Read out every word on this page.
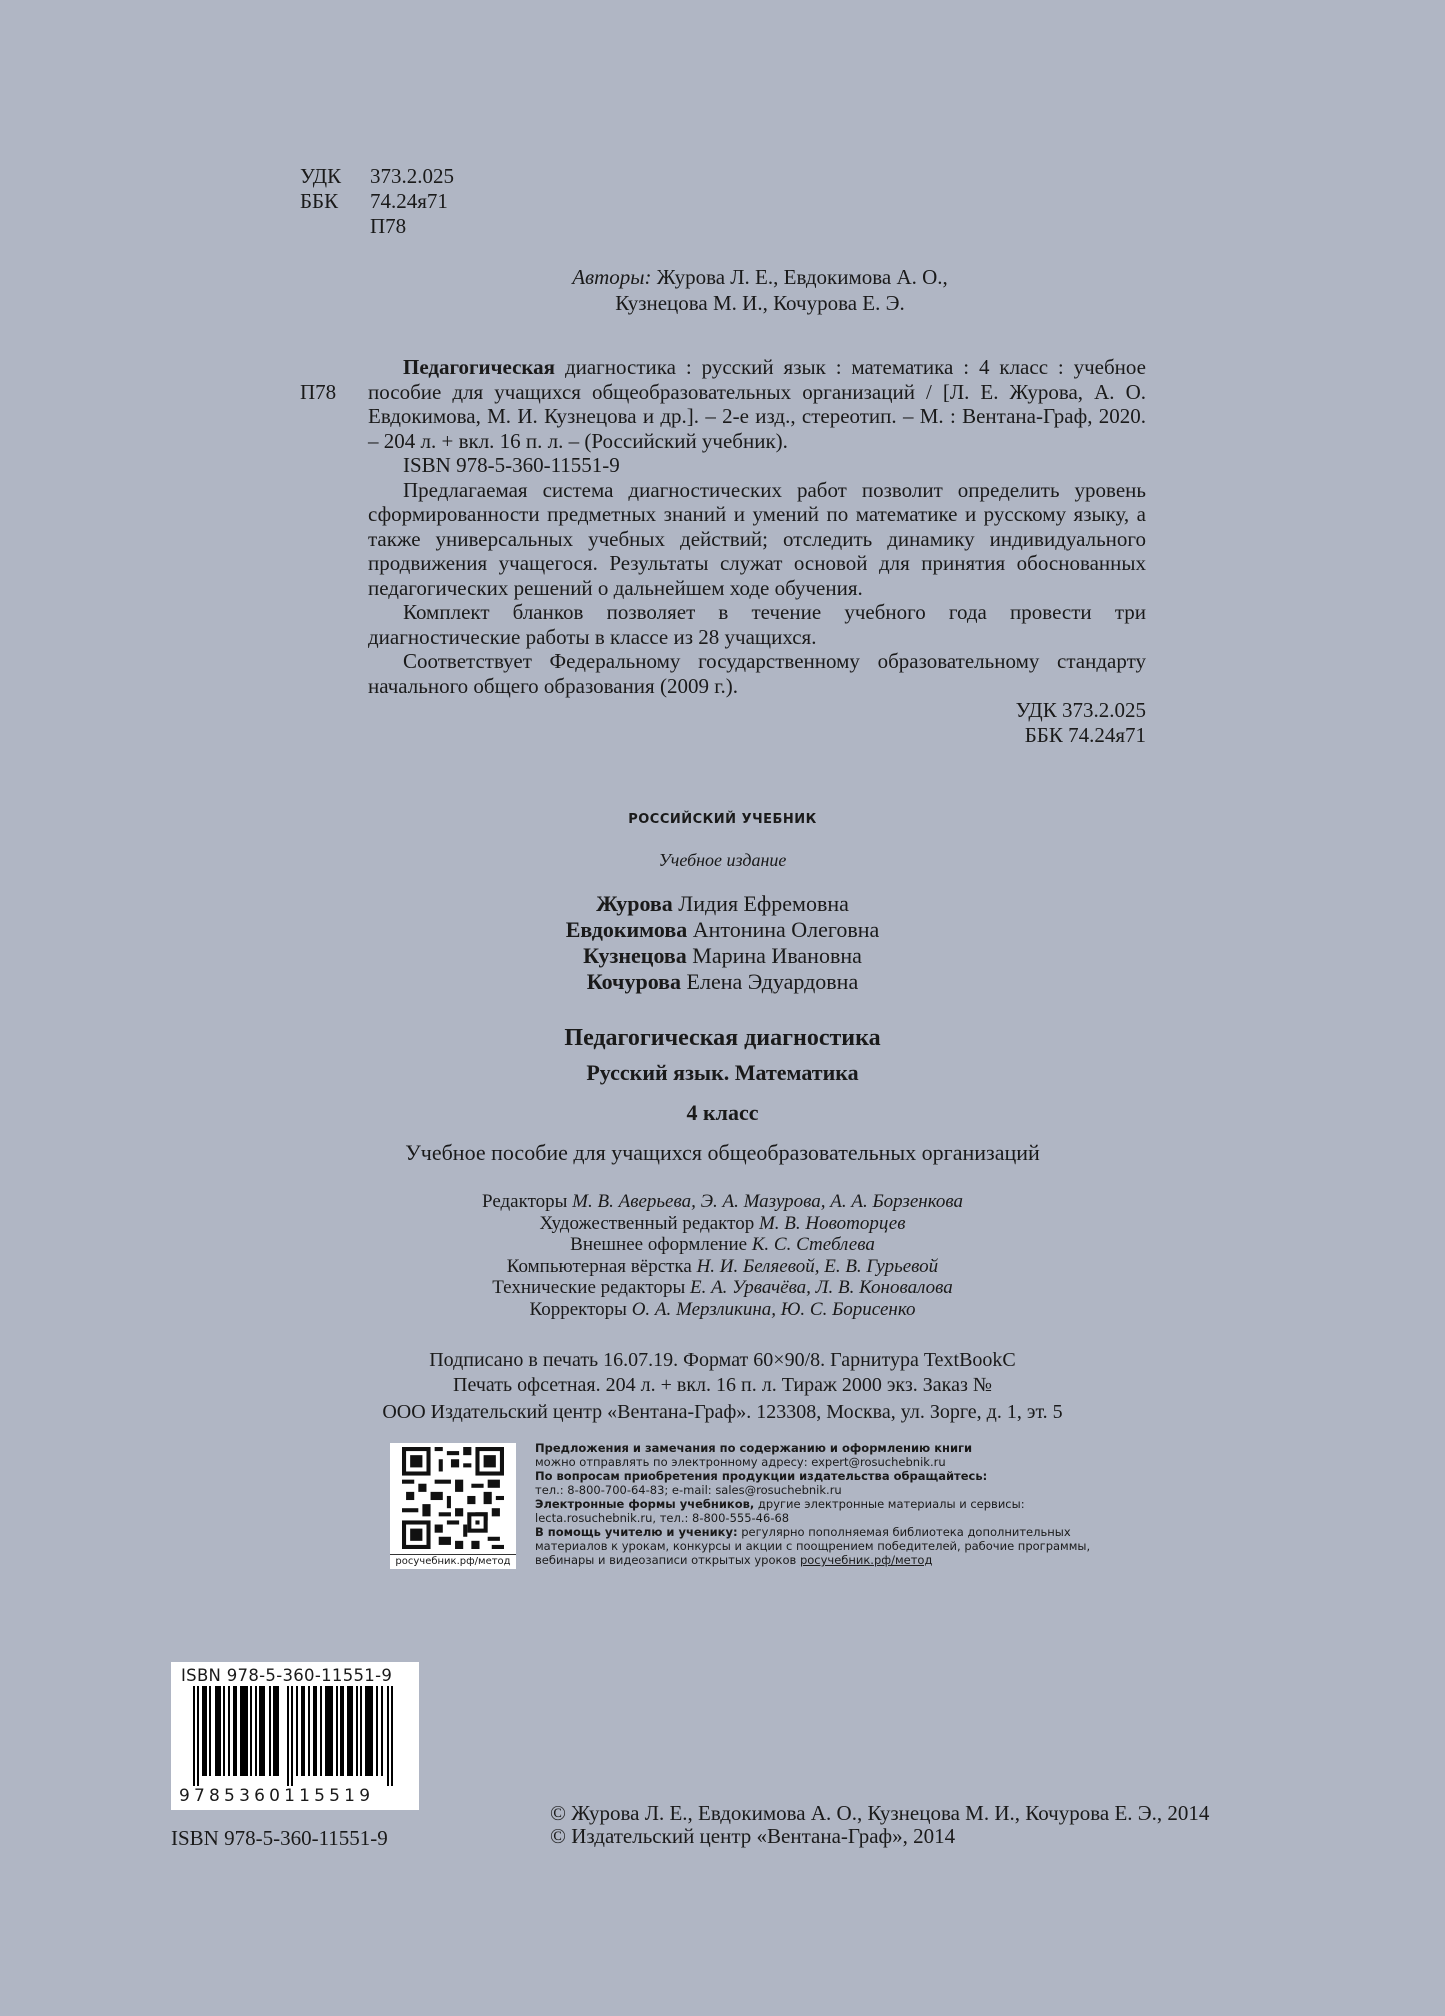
УДК	373.2.025
ББК	74.24я71
П78
Авторы: Журова Л. Е., Евдокимова А. О.,
Кузнецова М. И., Кочурова Е. Э.
П78

Педагогическая диагностика : русский язык : математика : 4 класс : учебное пособие для учащихся общеобразовательных организаций / [Л. Е. Журова, А. О. Евдокимова, М. И. Кузнецова и др.]. – 2-е изд., стереотип. – М. : Вентана-Граф, 2020. – 204 л. + вкл. 16 п. л. – (Российский учебник).

ISBN 978-5-360-11551-9

Предлагаемая система диагностических работ позволит определить уровень сформированности предметных знаний и умений по математике и русскому языку, а также универсальных учебных действий; отследить динамику индивидуального продвижения учащегося. Результаты служат основой для принятия обоснованных педагогических решений о дальнейшем ходе обучения.

Комплект бланков позволяет в течение учебного года провести три диагностические работы в классе из 28 учащихся.

Соответствует Федеральному государственному образовательному стандарту начального общего образования (2009 г.).

УДК 373.2.025

ББК 74.24я71

РОССИЙСКИЙ УЧЕБНИК
Учебное издание
Журова Лидия Ефремовна
Евдокимова Антонина Олеговна
Кузнецова Марина Ивановна
Кочурова Елена Эдуардовна
Педагогическая диагностика
Русский язык. Математика
4 класс
Учебное пособие для учащихся общеобразовательных организаций
Редакторы М. В. Аверьева, Э. А. Мазурова, А. А. Борзенкова
Художественный редактор М. В. Новоторцев
Внешнее оформление К. С. Стеблева
Компьютерная вёрстка Н. И. Беляевой, Е. В. Гурьевой
Технические редакторы Е. А. Урвачёва, Л. В. Коновалова
Корректоры О. А. Мерзликина, Ю. С. Борисенко
Подписано в печать 16.07.19. Формат 60×90/8. Гарнитура TextBookC
Печать офсетная. 204 л. + вкл. 16 п. л. Тираж 2000 экз. Заказ №
ООО Издательский центр «Вентана-Граф». 123308, Москва, ул. Зорге, д. 1, эт. 5
росучебник.рф/метод

Предложения и замечания по содержанию и оформлению книги

можно отправлять по электронному адресу: expert@rosuchebnik.ru

По вопросам приобретения продукции издательства обращайтесь:

тел.: 8-800-700-64-83; e-mail: sales@rosuchebnik.ru

Электронные формы учебников, другие электронные материалы и сервисы:

lecta.rosuchebnik.ru, тел.: 8-800-555-46-68

В помощь учителю и ученику: регулярно пополняемая библиотека дополнительных материалов к урокам, конкурсы и акции с поощрением победителей, рабочие программы, вебинары и видеозаписи открытых уроков росучебник.рф/метод

ISBN 978-5-360-11551-9
9785360115519
ISBN 978-5-360-11551-9
© Журова Л. Е., Евдокимова А. О., Кузнецова М. И., Кочурова Е. Э., 2014
© Издательский центр «Вентана-Граф», 2014
